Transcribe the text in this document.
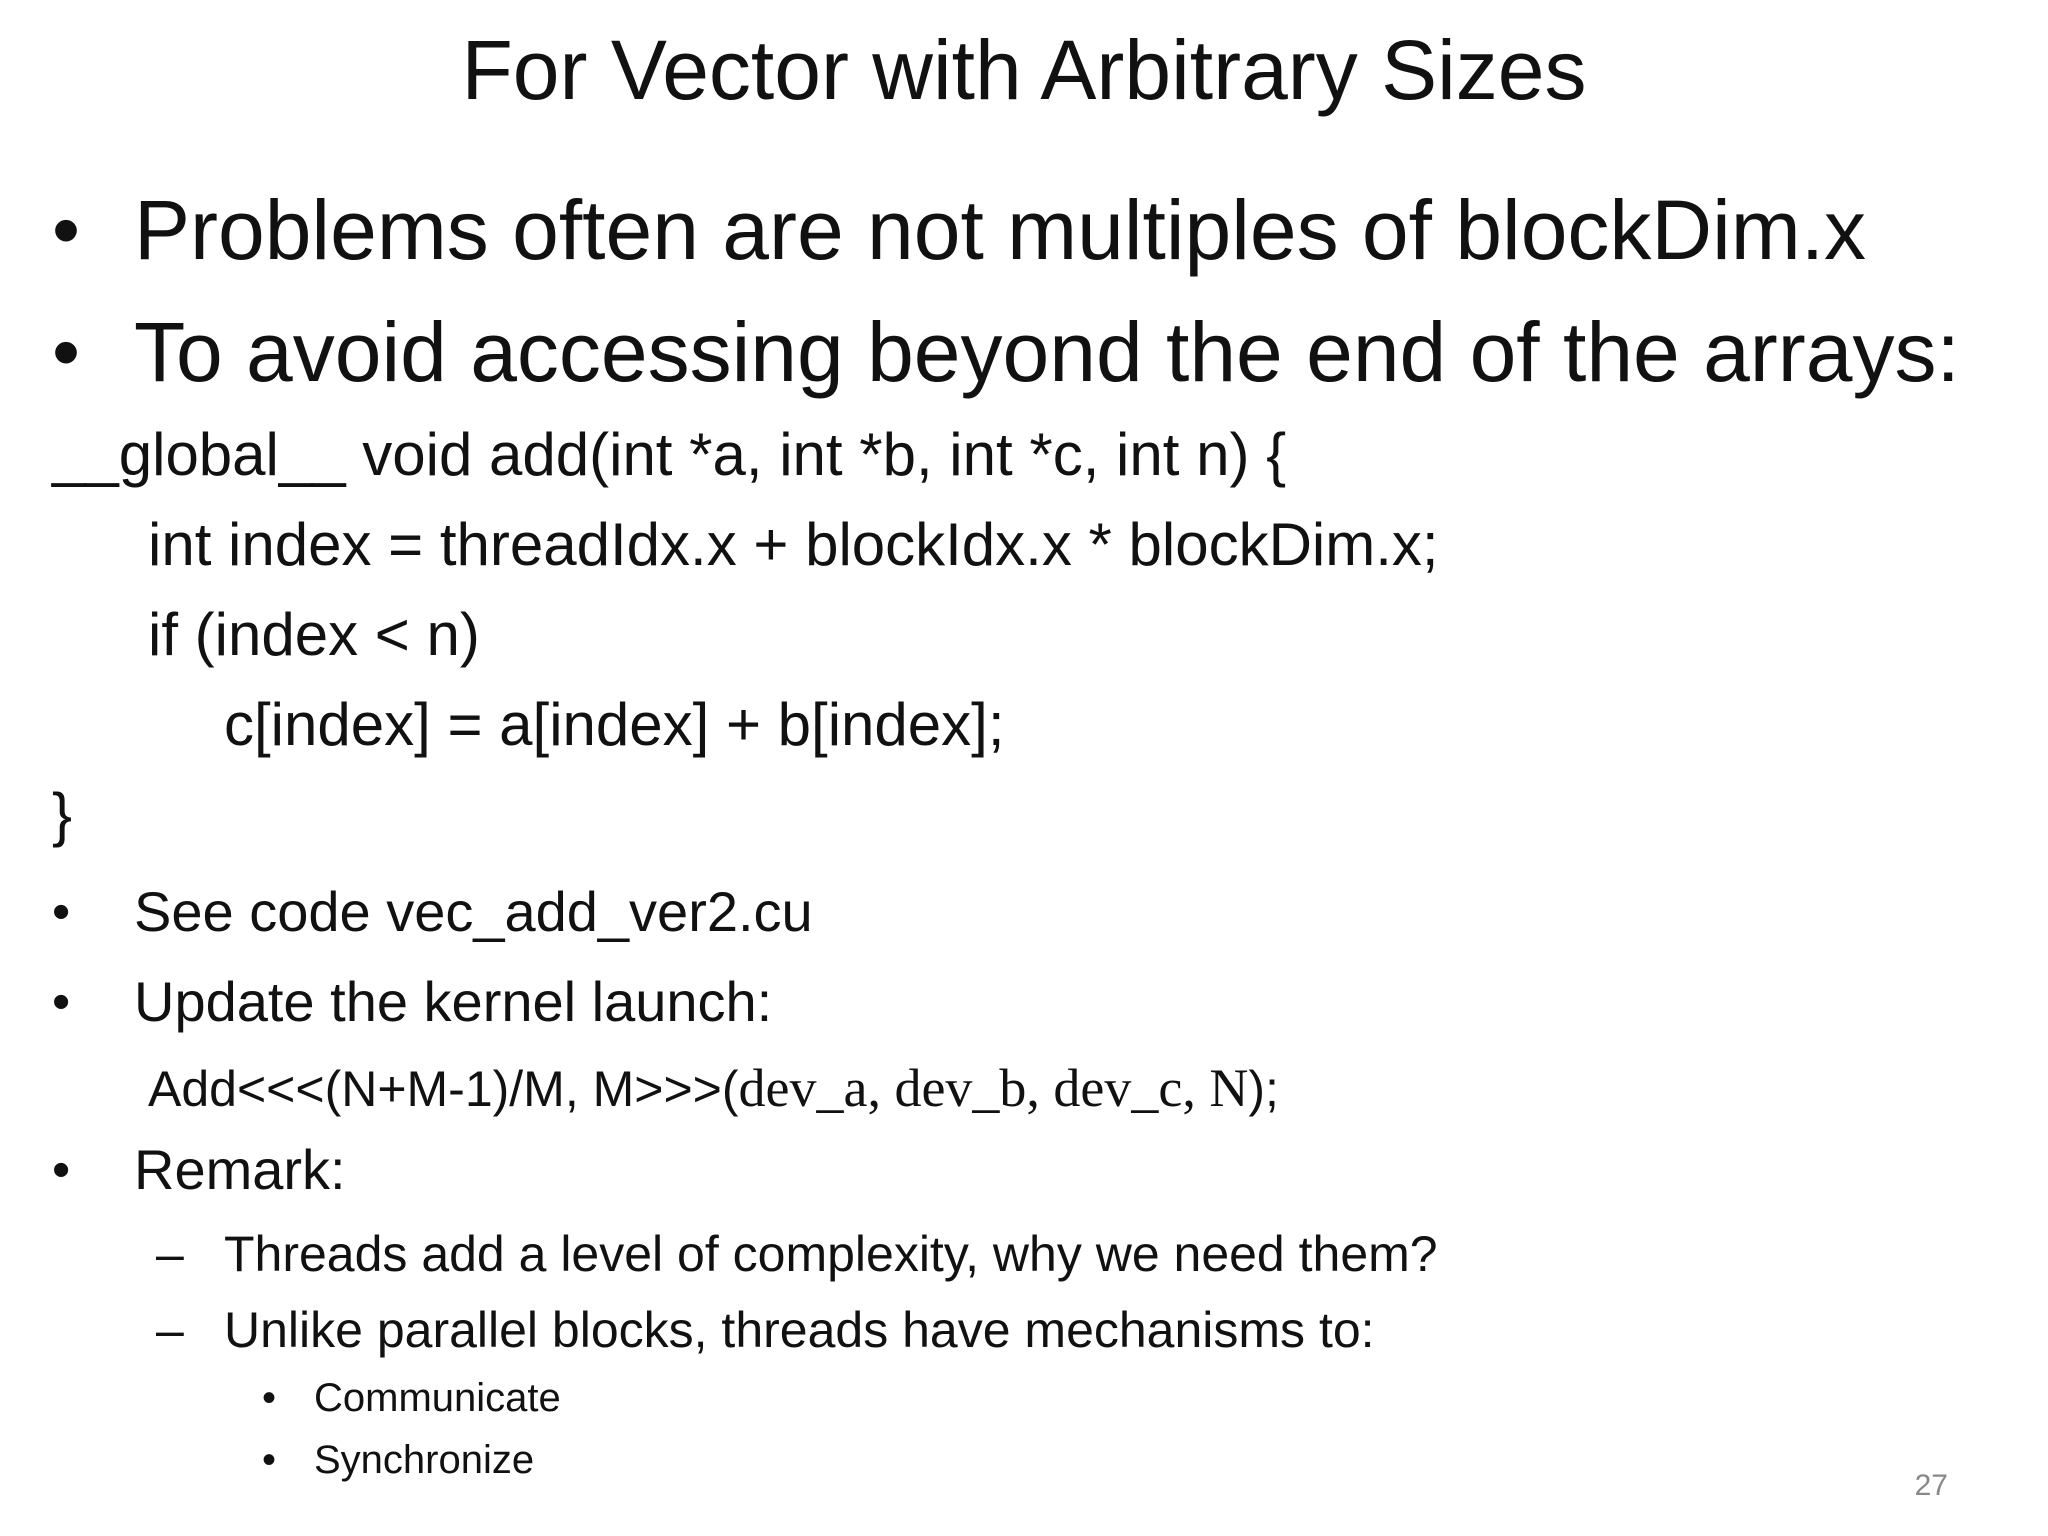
For Vector with Arbitrary Sizes
• Problems often are not multiples of blockDim.x
• To avoid accessing beyond the end of the arrays:
__global__ void add(int *a, int *b, int *c, int n) {
int index = threadIdx.x + blockIdx.x * blockDim.x;
if (index < n)
c[index] = a[index] + b[index];
}
• See code vec_add_ver2.cu
• Update the kernel launch:
Add<<<(N+M-1)/M, M>>>(dev_a, dev_b, dev_c, N);
• Remark:
– Threads add a level of complexity, why we need them?
– Unlike parallel blocks, threads have mechanisms to:
• Communicate
• Synchronize
27
